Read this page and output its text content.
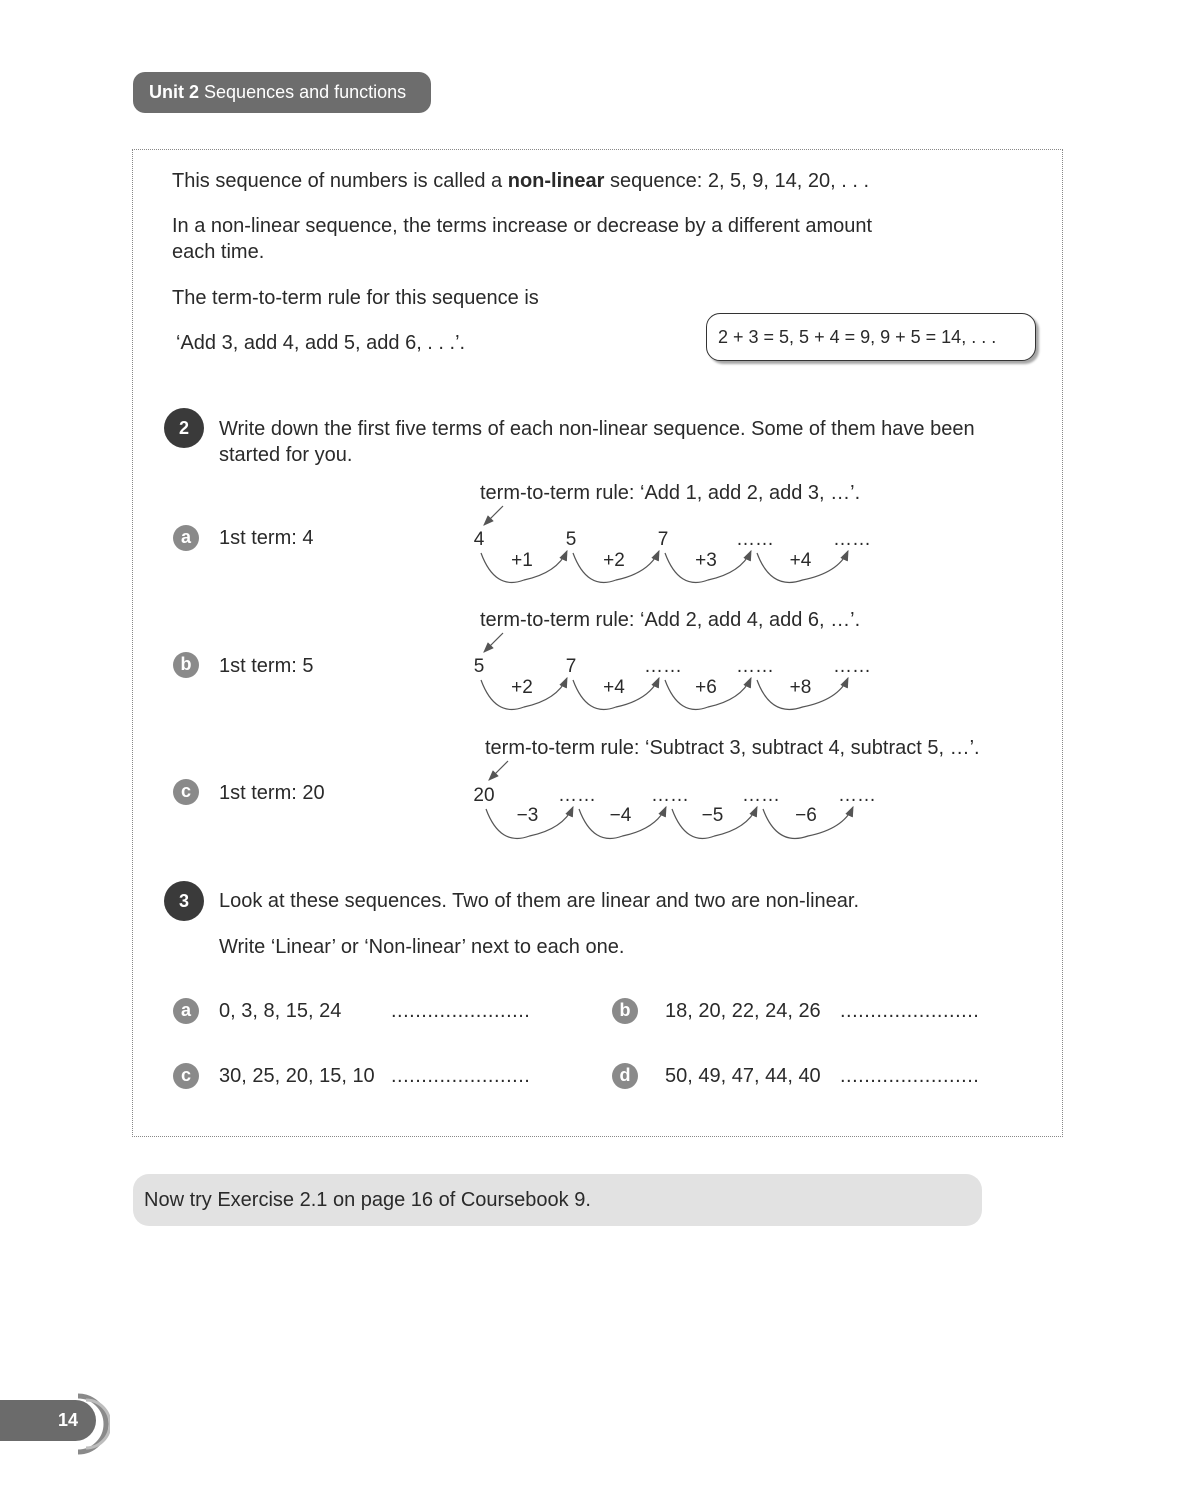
Unit 2 Sequences and functions
This sequence of numbers is called a non-linear sequence: 2, 5, 9, 14, 20, . . .
In a non-linear sequence, the terms increase or decrease by a different amount
each time.
The term-to-term rule for this sequence is
‘Add 3, add 4, add 5, add 6, . . .’.	2 + 3 = 5, 5 + 4 = 9, 9 + 5 = 14, . . .
2	Write down the first five terms of each non-linear sequence. Some of them have been
started for you.
term-to-term rule: ‘Add 1, add 2, add 3, …’.
a	1st term: 4
term-to-term rule: ‘Add 2, add 4, add 6, …’.
b	1st term: 5
term-to-term rule: ‘Subtract 3, subtract 4, subtract 5, …’.
c	1st term: 20
4	5	7	……	……
+1	+2	+3	+4
5	7	……	……	……
+2	+4	+6	+8
20	……	……	……	……
−3	−4	−5	−6
3	Look at these sequences. Two of them are linear and two are non-linear.
Write ‘Linear’ or ‘Non-linear’ next to each one.
a	0, 3, 8, 15, 24 .......................	b	18, 20, 22, 24, 26 .......................
c	30, 25, 20, 15, 10 .......................	d	50, 49, 47, 44, 40 .......................
Now try Exercise 2.1 on page 16 of Coursebook 9.
14
